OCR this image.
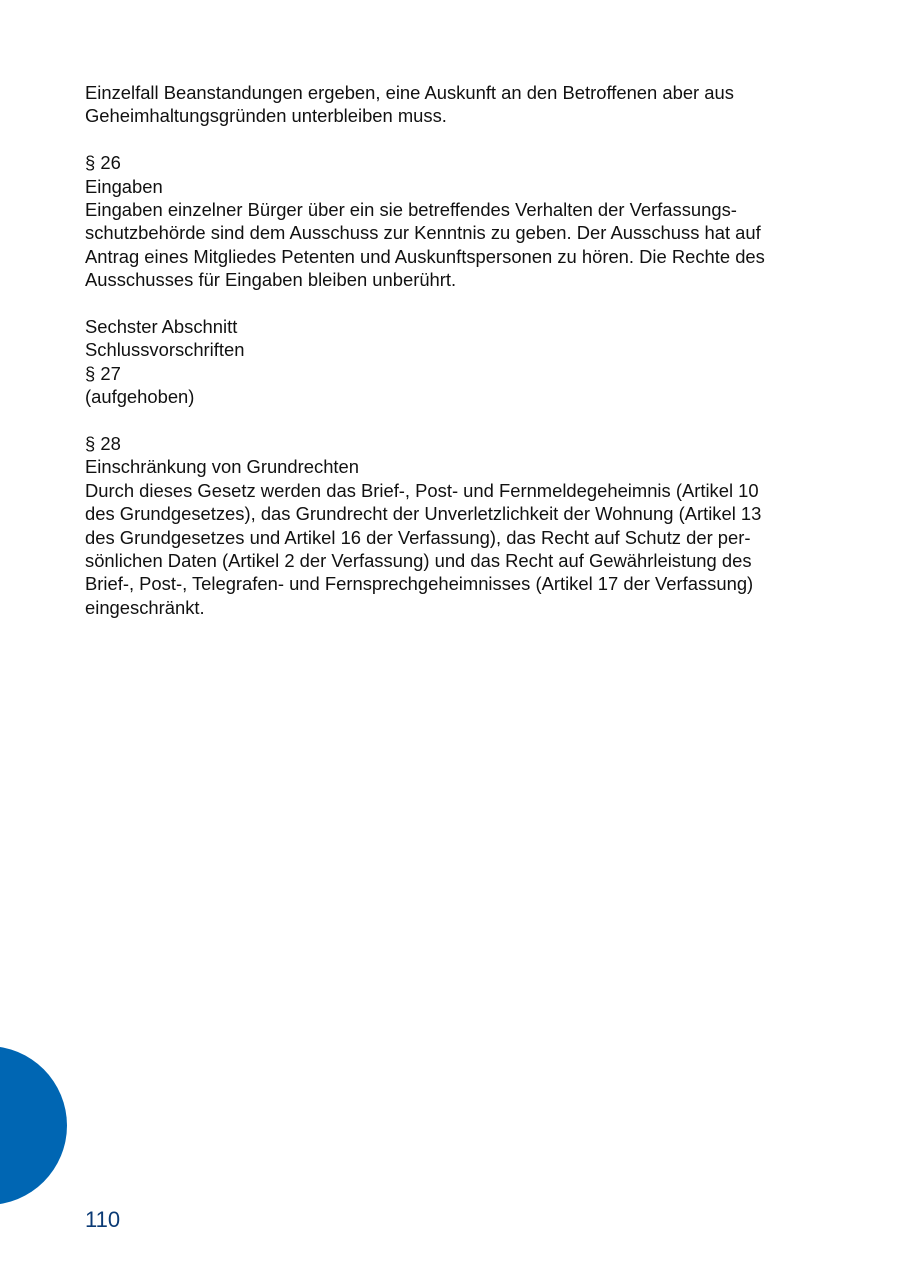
Einzelfall Beanstandungen ergeben, eine Auskunft an den Betroffenen aber aus
Geheimhaltungsgründen unterbleiben muss.
§ 26
Eingaben
Eingaben einzelner Bürger über ein sie betreffendes Verhalten der Verfassungs-
schutzbehörde sind dem Ausschuss zur Kenntnis zu geben. Der Ausschuss hat auf
Antrag eines Mitgliedes Petenten und Auskunftspersonen zu hören. Die Rechte des
Ausschusses für Eingaben bleiben unberührt.
Sechster Abschnitt
Schlussvorschriften
§ 27
(aufgehoben)
§ 28
Einschränkung von Grundrechten
Durch dieses Gesetz werden das Brief-, Post- und Fernmeldegeheimnis (Artikel 10
des Grundgesetzes), das Grundrecht der Unverletzlichkeit der Wohnung (Artikel 13
des Grundgesetzes und Artikel 16 der Verfassung), das Recht auf Schutz der per-
sönlichen Daten (Artikel 2 der Verfassung) und das Recht auf Gewährleistung des
Brief-, Post-, Telegrafen- und Fernsprechgeheimnisses (Artikel 17 der Verfassung)
eingeschränkt.
110
